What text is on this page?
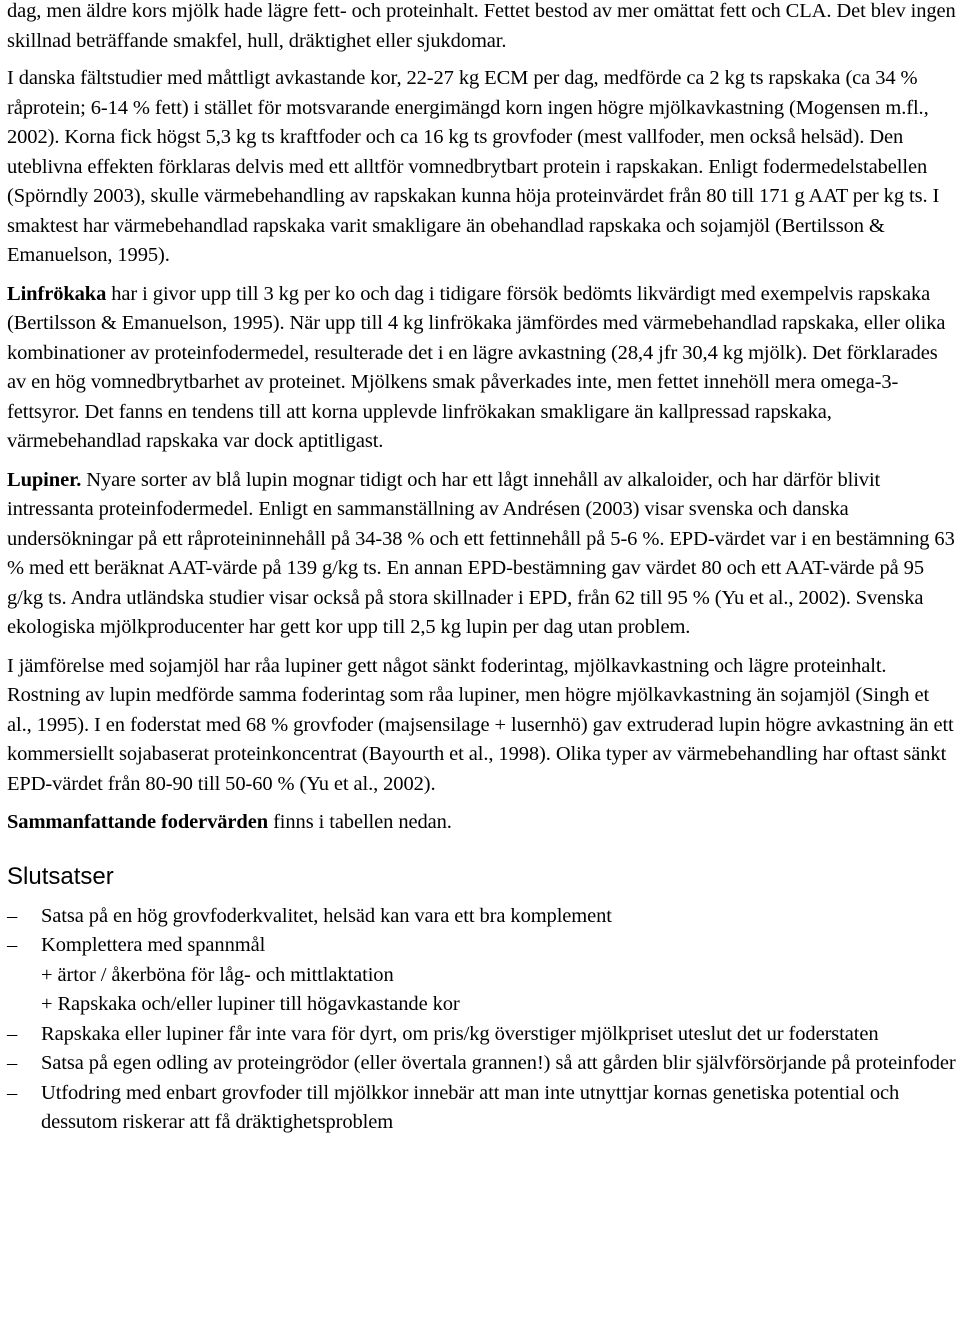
dag, men äldre kors mjölk hade lägre fett- och proteinhalt. Fettet bestod av mer omättat fett och CLA. Det blev ingen skillnad beträffande smakfel, hull, dräktighet eller sjukdomar.

I danska fältstudier med måttligt avkastande kor, 22-27 kg ECM per dag, medförde ca 2 kg ts rapskaka (ca 34 % råprotein; 6-14 % fett) i stället för motsvarande energimängd korn ingen högre mjölkavkastning (Mogensen m.fl., 2002). Korna fick högst 5,3 kg ts kraftfoder och ca 16 kg ts grovfoder (mest vallfoder, men också helsäd). Den uteblivna effekten förklaras delvis med ett alltför vomnedbrytbart protein i rapskakan. Enligt fodermedelstabellen (Spörndly 2003), skulle värmebehandling av rapskakan kunna höja proteinvärdet från 80 till 171 g AAT per kg ts. I smaktest har värmebehandlad rapskaka varit smakligare än obehandlad rapskaka och sojamjöl (Bertilsson & Emanuelson, 1995).

Linfrökaka har i givor upp till 3 kg per ko och dag i tidigare försök bedömts likvärdigt med exempelvis rapskaka (Bertilsson & Emanuelson, 1995). När upp till 4 kg linfrökaka jämfördes med värmebehandlad rapskaka, eller olika kombinationer av proteinfodermedel, resulterade det i en lägre avkastning (28,4 jfr 30,4 kg mjölk). Det förklarades av en hög vomnedbrytbarhet av proteinet. Mjölkens smak påverkades inte, men fettet innehöll mera omega-3-fettsyror. Det fanns en tendens till att korna upplevde linfrökakan smakligare än kallpressad rapskaka, värmebehandlad rapskaka var dock aptitligast.

Lupiner. Nyare sorter av blå lupin mognar tidigt och har ett lågt innehåll av alkaloider, och har därför blivit intressanta proteinfodermedel. Enligt en sammanställning av Andrésen (2003) visar svenska och danska undersökningar på ett råproteininnehåll på 34-38 % och ett fettinnehåll på 5-6 %. EPD-värdet var i en bestämning 63 % med ett beräknat AAT-värde på 139 g/kg ts. En annan EPD-bestämning gav värdet 80 och ett AAT-värde på 95 g/kg ts. Andra utländska studier visar också på stora skillnader i EPD, från 62 till 95 % (Yu et al., 2002). Svenska ekologiska mjölkproducenter har gett kor upp till 2,5 kg lupin per dag utan problem.

I jämförelse med sojamjöl har råa lupiner gett något sänkt foderintag, mjölkavkastning och lägre proteinhalt. Rostning av lupin medförde samma foderintag som råa lupiner, men högre mjölkavkastning än sojamjöl (Singh et al., 1995). I en foderstat med 68 % grovfoder (majsensilage + lusernhö) gav extruderad lupin högre avkastning än ett kommersiellt sojabaserat proteinkoncentrat (Bayourth et al., 1998). Olika typer av värmebehandling har oftast sänkt EPD-värdet från 80-90 till 50-60 % (Yu et al., 2002).

Sammanfattande fodervärden finns i tabellen nedan.

Slutsatser
– Satsa på en hög grovfoderkvalitet, helsäd kan vara ett bra komplement
– Komplettera med spannmål
+ ärtor / åkerböna för låg- och mittlaktation
+ Rapskaka och/eller lupiner till högavkastande kor
– Rapskaka eller lupiner får inte vara för dyrt, om pris/kg överstiger mjölkpriset uteslut det ur foderstaten
– Satsa på egen odling av proteingrödor (eller övertala grannen!) så att gården blir självförsörjande på proteinfoder
– Utfodring med enbart grovfoder till mjölkkor innebär att man inte utnyttjar kornas genetiska potential och dessutom riskerar att få dräktighetsproblem
